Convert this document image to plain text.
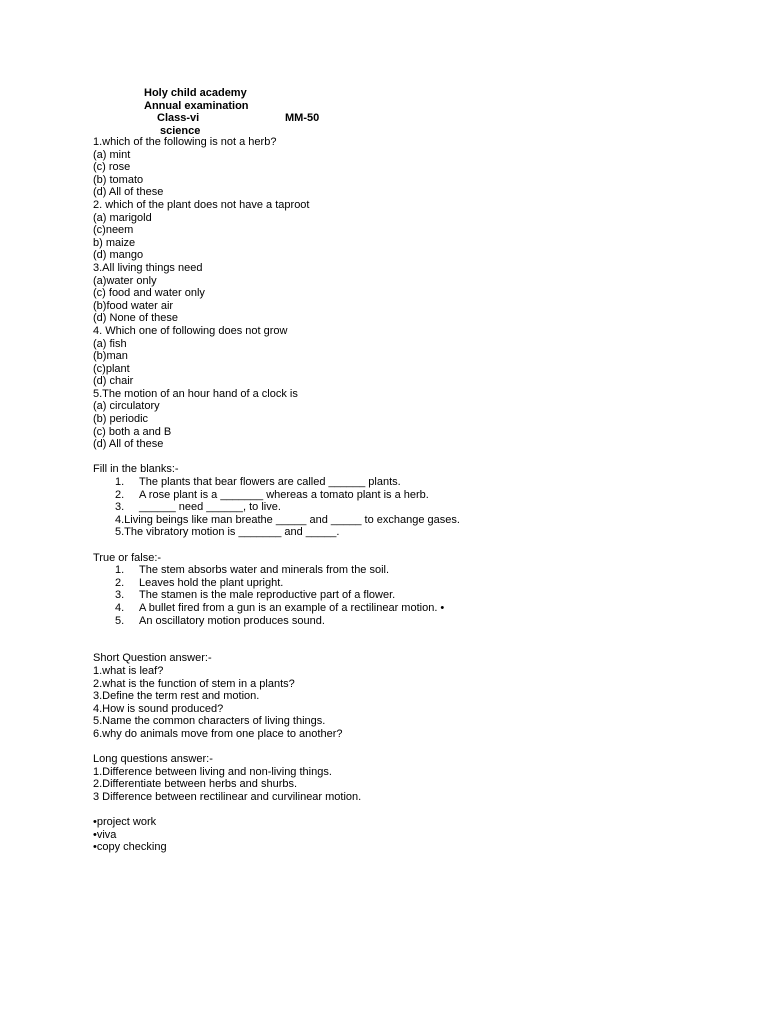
Holy child academy
Annual examination
Class-vi	MM-50
science
1.which of the following is not a herb?
(a) mint
(c) rose
(b) tomato
(d) All of these
2. which of the plant does not have a taproot
(a) marigold
(c)neem
b) maize
(d) mango
3.All living things need
(a)water only
(c) food and water only
(b)food water air
(d) None of these
4. Which one of following does not grow
(a) fish
(b)man
(c)plant
(d) chair
5.The motion of an hour hand of a clock is
(a) circulatory
(b) periodic
(c) both a and B
(d) All of these
Fill in the blanks:-
1. The plants that bear flowers are called ______ plants.
2. A rose plant is a _______ whereas a tomato plant is a herb.
3. ______ need ______, to live.
4.Living beings like man breathe _____ and _____ to exchange gases.
5.The vibratory motion is _______ and _____.
True or false:-
1. The stem absorbs water and minerals from the soil.
2. Leaves hold the plant upright.
3. The stamen is the male reproductive part of a flower.
4. A bullet fired from a gun is an example of a rectilinear motion. •
5. An oscillatory motion produces sound.
Short Question answer:-
1.what is leaf?
2.what is the function of stem in a plants?
3.Define the term rest and motion.
4.How is sound produced?
5.Name the common characters of living things.
6.why do animals move from one place to another?
Long questions answer:-
1.Difference between living and non-living things.
2.Differentiate between herbs and shurbs.
3 Difference between rectilinear and curvilinear motion.
•project work
•viva
•copy checking
